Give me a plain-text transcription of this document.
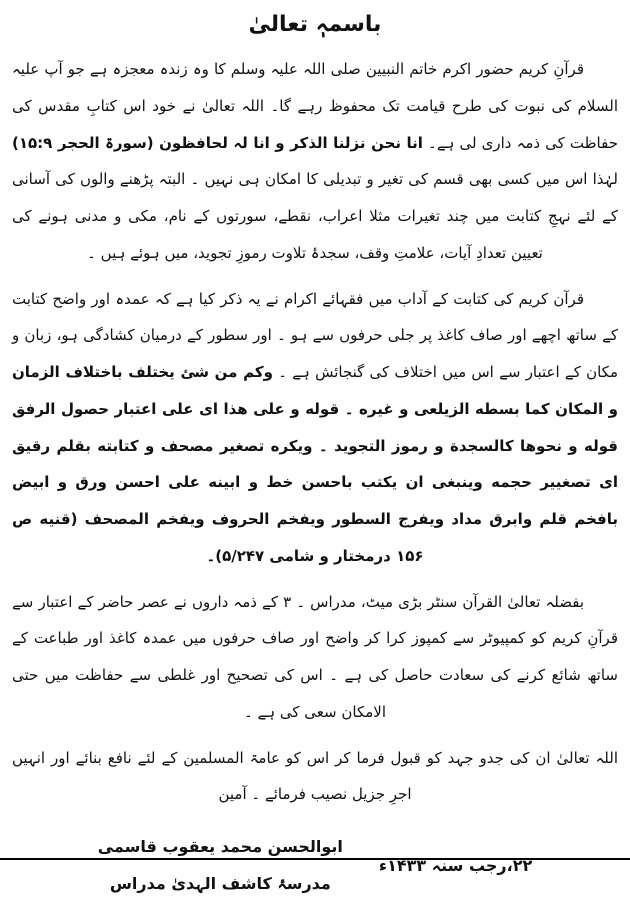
باسمہٖ تعالیٰ

قرآنِ کریم حضور اکرم خاتم النبیین صلی اللہ علیہ وسلم کا وہ زندہ معجزہ ہے جو آپ علیہ السلام کی نبوت کی طرح قیامت تک محفوظ رہے گا۔ اللہ تعالیٰ نے خود اس کتابِ مقدس کی حفاظت کی ذمہ داری لی ہے۔ انا نحن نزلنا الذکر و انا لہ لحافظون (سورۃ الحجر ۱۵:۹) لہٰذا اس میں کسی بھی قسم کی تغیر و تبدیلی کا امکان ہی نہیں ۔ البتہ پڑھنے والوں کی آسانی کے لئے نہجِ کتابت میں چند تغیرات مثلا اعراب، نقطے، سورتوں کے نام، مکی و مدنی ہونے کی تعیین تعدادِ آیات، علامتِ وقف، سجدۂ تلاوت رموزِ تجوید، میں ہوئے ہیں ۔

قرآن کریم کی کتابت کے آداب میں فقہائے اکرام نے یہ ذکر کیا ہے کہ عمدہ اور واضح کتابت کے ساتھ اچھے اور صاف کاغذ پر جلی حرفوں سے ہو ۔ اور سطور کے درمیان کشادگی ہو، زبان و مکان کے اعتبار سے اس میں اختلاف کی گنجائش ہے ۔ وکم من شئ یختلف باختلاف الزمان و المکان کما بسطه الزیلعی و غیره ۔ قوله و علی هذا ای علی اعتبار حصول الرفق قوله و نحوها کالسجدة و رموز التجوید ۔ ویکره تصغیر مصحف و کتابته بقلم رقیق ای تصغییر حجمه وینبغی ان یکتب باحسن خط و ابینه علی احسن ورق و ابیض بافخم قلم وابرق مداد ویفرج السطور ویفخم الحروف ویفخم المصحف (قنیه ص ۱۵۶ درمختار و شامی ۵/۲۴۷)۔

بفضلہ تعالیٰ القرآن سنٹر بڑی میٹ، مدراس ۔ ۳ کے ذمہ داروں نے عصر حاضر کے اعتبار سے قرآنِ کریم کو کمپیوٹر سے کمپوز کرا کر واضح اور صاف حرفوں میں عمدہ کاغذ اور طباعت کے ساتھ شائع کرنے کی سعادت حاصل کی ہے ۔ اس کی تصحیح اور غلطی سے حفاظت میں حتی الامکان سعی کی ہے ۔

اللہ تعالیٰ ان کی جدو جہد کو قبول فرما کر اس کو عامۃ المسلمین کے لئے نافع بنائے اور انہیں اجرِ جزیل نصیب فرمائے ۔ آمین

۲۲،رجب سنہ ۱۴۳۳ء
ابوالحسن محمد یعقوب قاسمی
مدرسۂ کاشف الہدیٰ مدراس
